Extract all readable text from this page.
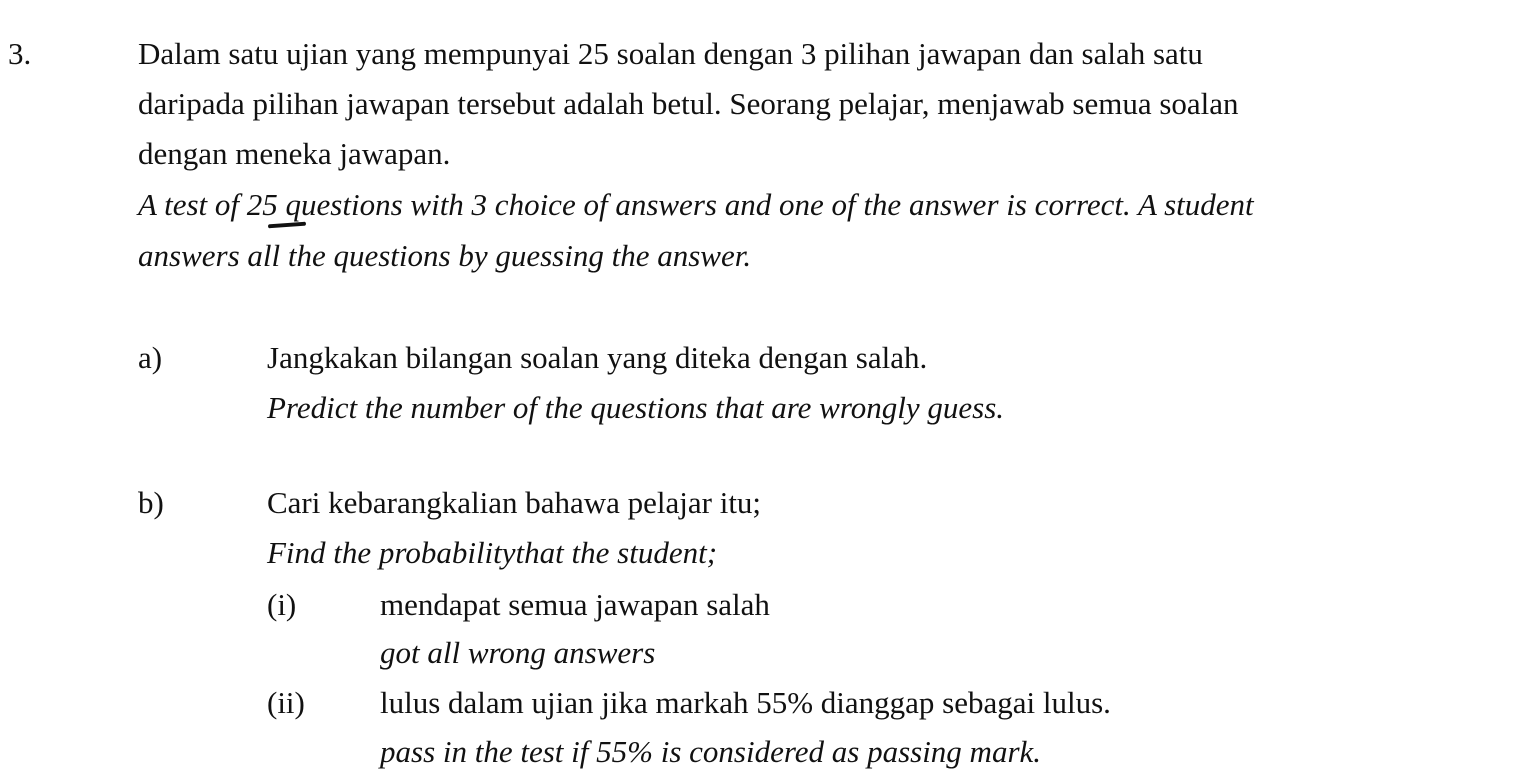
3.	Dalam satu ujian yang mempunyai 25 soalan dengan 3 pilihan jawapan dan salah satu
daripada pilihan jawapan tersebut adalah betul. Seorang pelajar, menjawab semua soalan
dengan meneka jawapan.
A test of 25 questions with 3 choice of answers and one of the answer is correct. A student
answers all the questions by guessing the answer.
a)	Jangkakan bilangan soalan yang diteka dengan salah.
Predict the number of the questions that are wrongly guess.
b)	Cari kebarangkalian bahawa pelajar itu;
Find the probabilitythat the student;
(i)	mendapat semua jawapan salah
got all wrong answers
(ii) lulus dalam ujian jika markah 55% dianggap sebagai lulus.
pass in the test if 55% is considered as passing mark.
